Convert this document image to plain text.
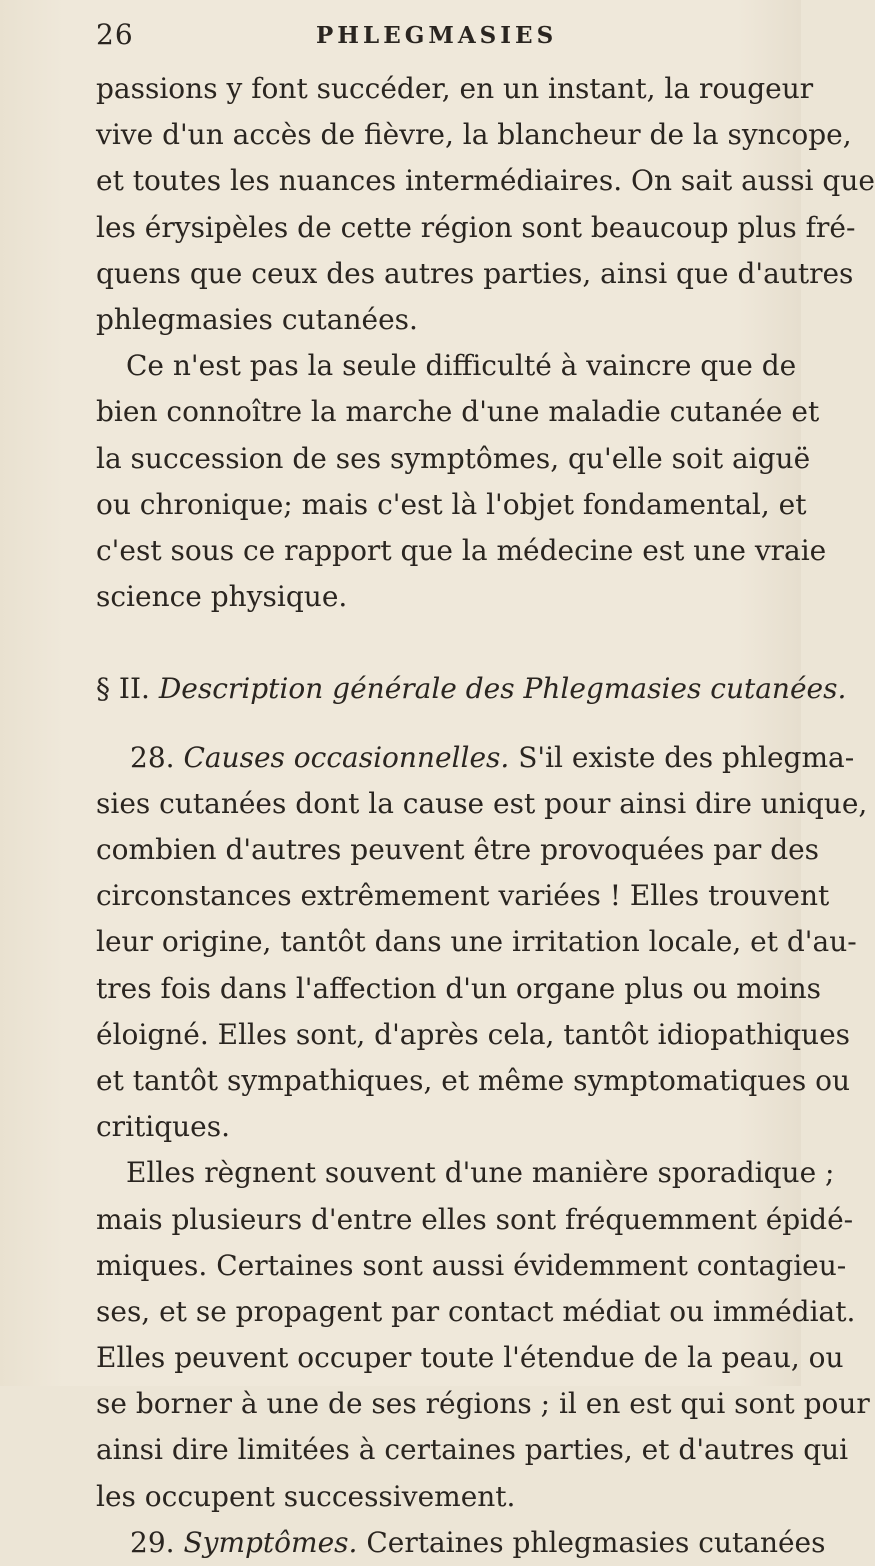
26	PHLEGMASIES
passions y font succéder, en un instant, la rougeur
vive d'un accès de fièvre, la blancheur de la syncope,
et toutes les nuances intermédiaires. On sait aussi que
les érysipèles de cette région sont beaucoup plus fré-
quens que ceux des autres parties, ainsi que d'autres
phlegmasies cutanées.
Ce n'est pas la seule difficulté à vaincre que de
bien connoître la marche d'une maladie cutanée et
la succession de ses symptômes, qu'elle soit aiguë
ou chronique; mais c'est là l'objet fondamental, et
c'est sous ce rapport que la médecine est une vraie
science physique.
§ II. Description générale des Phlegmasies cutanées.
28. Causes occasionnelles. S'il existe des phlegma-
sies cutanées dont la cause est pour ainsi dire unique,
combien d'autres peuvent être provoquées par des
circonstances extrêmement variées ! Elles trouvent
leur origine, tantôt dans une irritation locale, et d'au-
tres fois dans l'affection d'un organe plus ou moins
éloigné. Elles sont, d'après cela, tantôt idiopathiques
et tantôt sympathiques, et même symptomatiques ou
critiques.
Elles règnent souvent d'une manière sporadique ;
mais plusieurs d'entre elles sont fréquemment épidé-
miques. Certaines sont aussi évidemment contagieu-
ses, et se propagent par contact médiat ou immédiat.
Elles peuvent occuper toute l'étendue de la peau, ou
se borner à une de ses régions ; il en est qui sont pour
ainsi dire limitées à certaines parties, et d'autres qui
les occupent successivement.
29. Symptômes. Certaines phlegmasies cutanées
